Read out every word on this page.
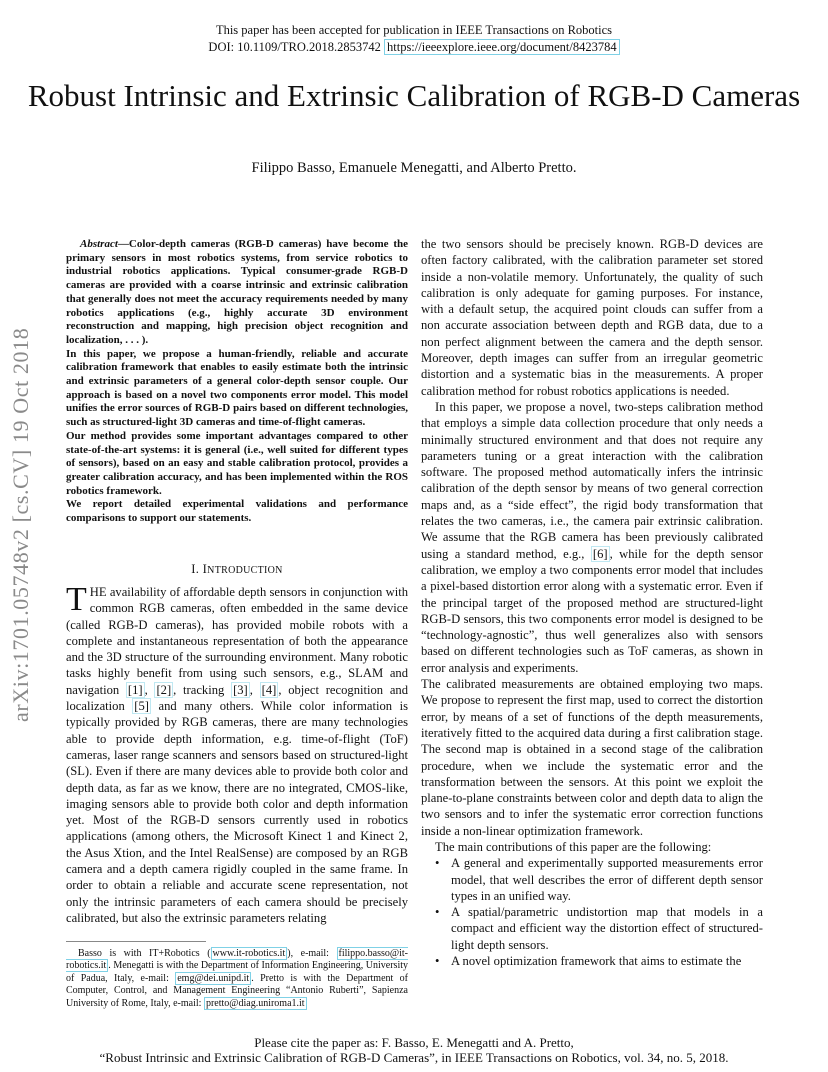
This paper has been accepted for publication in IEEE Transactions on Robotics
DOI: 10.1109/TRO.2018.2853742 https://ieeexplore.ieee.org/document/8423784
Robust Intrinsic and Extrinsic Calibration of RGB-D Cameras
Filippo Basso, Emanuele Menegatti, and Alberto Pretto.
arXiv:1701.05748v2 [cs.CV] 19 Oct 2018

Abstract—Color-depth cameras (RGB-D cameras) have become the primary sensors in most robotics systems, from service robotics to industrial robotics applications. Typical consumer-grade RGB-D cameras are provided with a coarse intrinsic and extrinsic calibration that generally does not meet the accuracy requirements needed by many robotics applications (e.g., highly accurate 3D environment reconstruction and mapping, high precision object recognition and localization, . . . ).

In this paper, we propose a human-friendly, reliable and accurate calibration framework that enables to easily estimate both the intrinsic and extrinsic parameters of a general color-depth sensor couple. Our approach is based on a novel two components error model. This model unifies the error sources of RGB-D pairs based on different technologies, such as structured-light 3D cameras and time-of-flight cameras.

Our method provides some important advantages compared to other state-of-the-art systems: it is general (i.e., well suited for different types of sensors), based on an easy and stable calibration protocol, provides a greater calibration accuracy, and has been implemented within the ROS robotics framework.

We report detailed experimental validations and performance comparisons to support our statements.

I. INTRODUCTION

THE availability of affordable depth sensors in conjunction with common RGB cameras, often embedded in the same device (called RGB-D cameras), has provided mobile robots with a complete and instantaneous representation of both the appearance and the 3D structure of the surrounding environment. Many robotic tasks highly benefit from using such sensors, e.g., SLAM and navigation [1] , [2] , tracking [3] , [4] , object recognition and localization [5] and many others. While color information is typically provided by RGB cameras, there are many technologies able to provide depth information, e.g. time-of-flight (ToF) cameras, laser range scanners and sensors based on structured-light (SL). Even if there are many devices able to provide both color and depth data, as far as we know, there are no integrated, CMOS-like, imaging sensors able to provide both color and depth information yet. Most of the RGB-D sensors currently used in robotics applications (among others, the Microsoft Kinect 1 and Kinect 2, the Asus Xtion, and the Intel RealSense) are composed by an RGB camera and a depth camera rigidly coupled in the same frame. In order to obtain a reliable and accurate scene representation, not only the intrinsic parameters of each camera should be precisely calibrated, but also the extrinsic parameters relating

Basso is with IT+Robotics ( www.it-robotics.it ), e-mail: filippo.basso@it-robotics.it . Menegatti is with the Department of Information Engineering, University of Padua, Italy, e-mail: emg@dei.unipd.it . Pretto is with the Department of Computer, Control, and Management Engineering “Antonio Ruberti”, Sapienza University of Rome, Italy, e-mail: pretto@diag.uniroma1.it

the two sensors should be precisely known. RGB-D devices are often factory calibrated, with the calibration parameter set stored inside a non-volatile memory. Unfortunately, the quality of such calibration is only adequate for gaming purposes. For instance, with a default setup, the acquired point clouds can suffer from a non accurate association between depth and RGB data, due to a non perfect alignment between the camera and the depth sensor. Moreover, depth images can suffer from an irregular geometric distortion and a systematic bias in the measurements. A proper calibration method for robust robotics applications is needed.

In this paper, we propose a novel, two-steps calibration method that employs a simple data collection procedure that only needs a minimally structured environment and that does not require any parameters tuning or a great interaction with the calibration software. The proposed method automatically infers the intrinsic calibration of the depth sensor by means of two general correction maps and, as a “side effect”, the rigid body transformation that relates the two cameras, i.e., the camera pair extrinsic calibration. We assume that the RGB camera has been previously calibrated using a standard method, e.g., [6] , while for the depth sensor calibration, we employ a two components error model that includes a pixel-based distortion error along with a systematic error. Even if the principal target of the proposed method are structured-light RGB-D sensors, this two components error model is designed to be “technology-agnostic”, thus well generalizes also with sensors based on different technologies such as ToF cameras, as shown in error analysis and experiments.

The calibrated measurements are obtained employing two maps. We propose to represent the first map, used to correct the distortion error, by means of a set of functions of the depth measurements, iteratively fitted to the acquired data during a first calibration stage. The second map is obtained in a second stage of the calibration procedure, when we include the systematic error and the transformation between the sensors. At this point we exploit the plane-to-plane constraints between color and depth data to align the two sensors and to infer the systematic error correction functions inside a non-linear optimization framework.

The main contributions of this paper are the following:

• A general and experimentally supported measurements error model, that well describes the error of different depth sensor types in an unified way.
• A spatial/parametric undistortion map that models in a compact and efficient way the distortion effect of structured-light depth sensors.
• A novel optimization framework that aims to estimate the
Please cite the paper as: F. Basso, E. Menegatti and A. Pretto,
“Robust Intrinsic and Extrinsic Calibration of RGB-D Cameras”, in IEEE Transactions on Robotics, vol. 34, no. 5, 2018.
